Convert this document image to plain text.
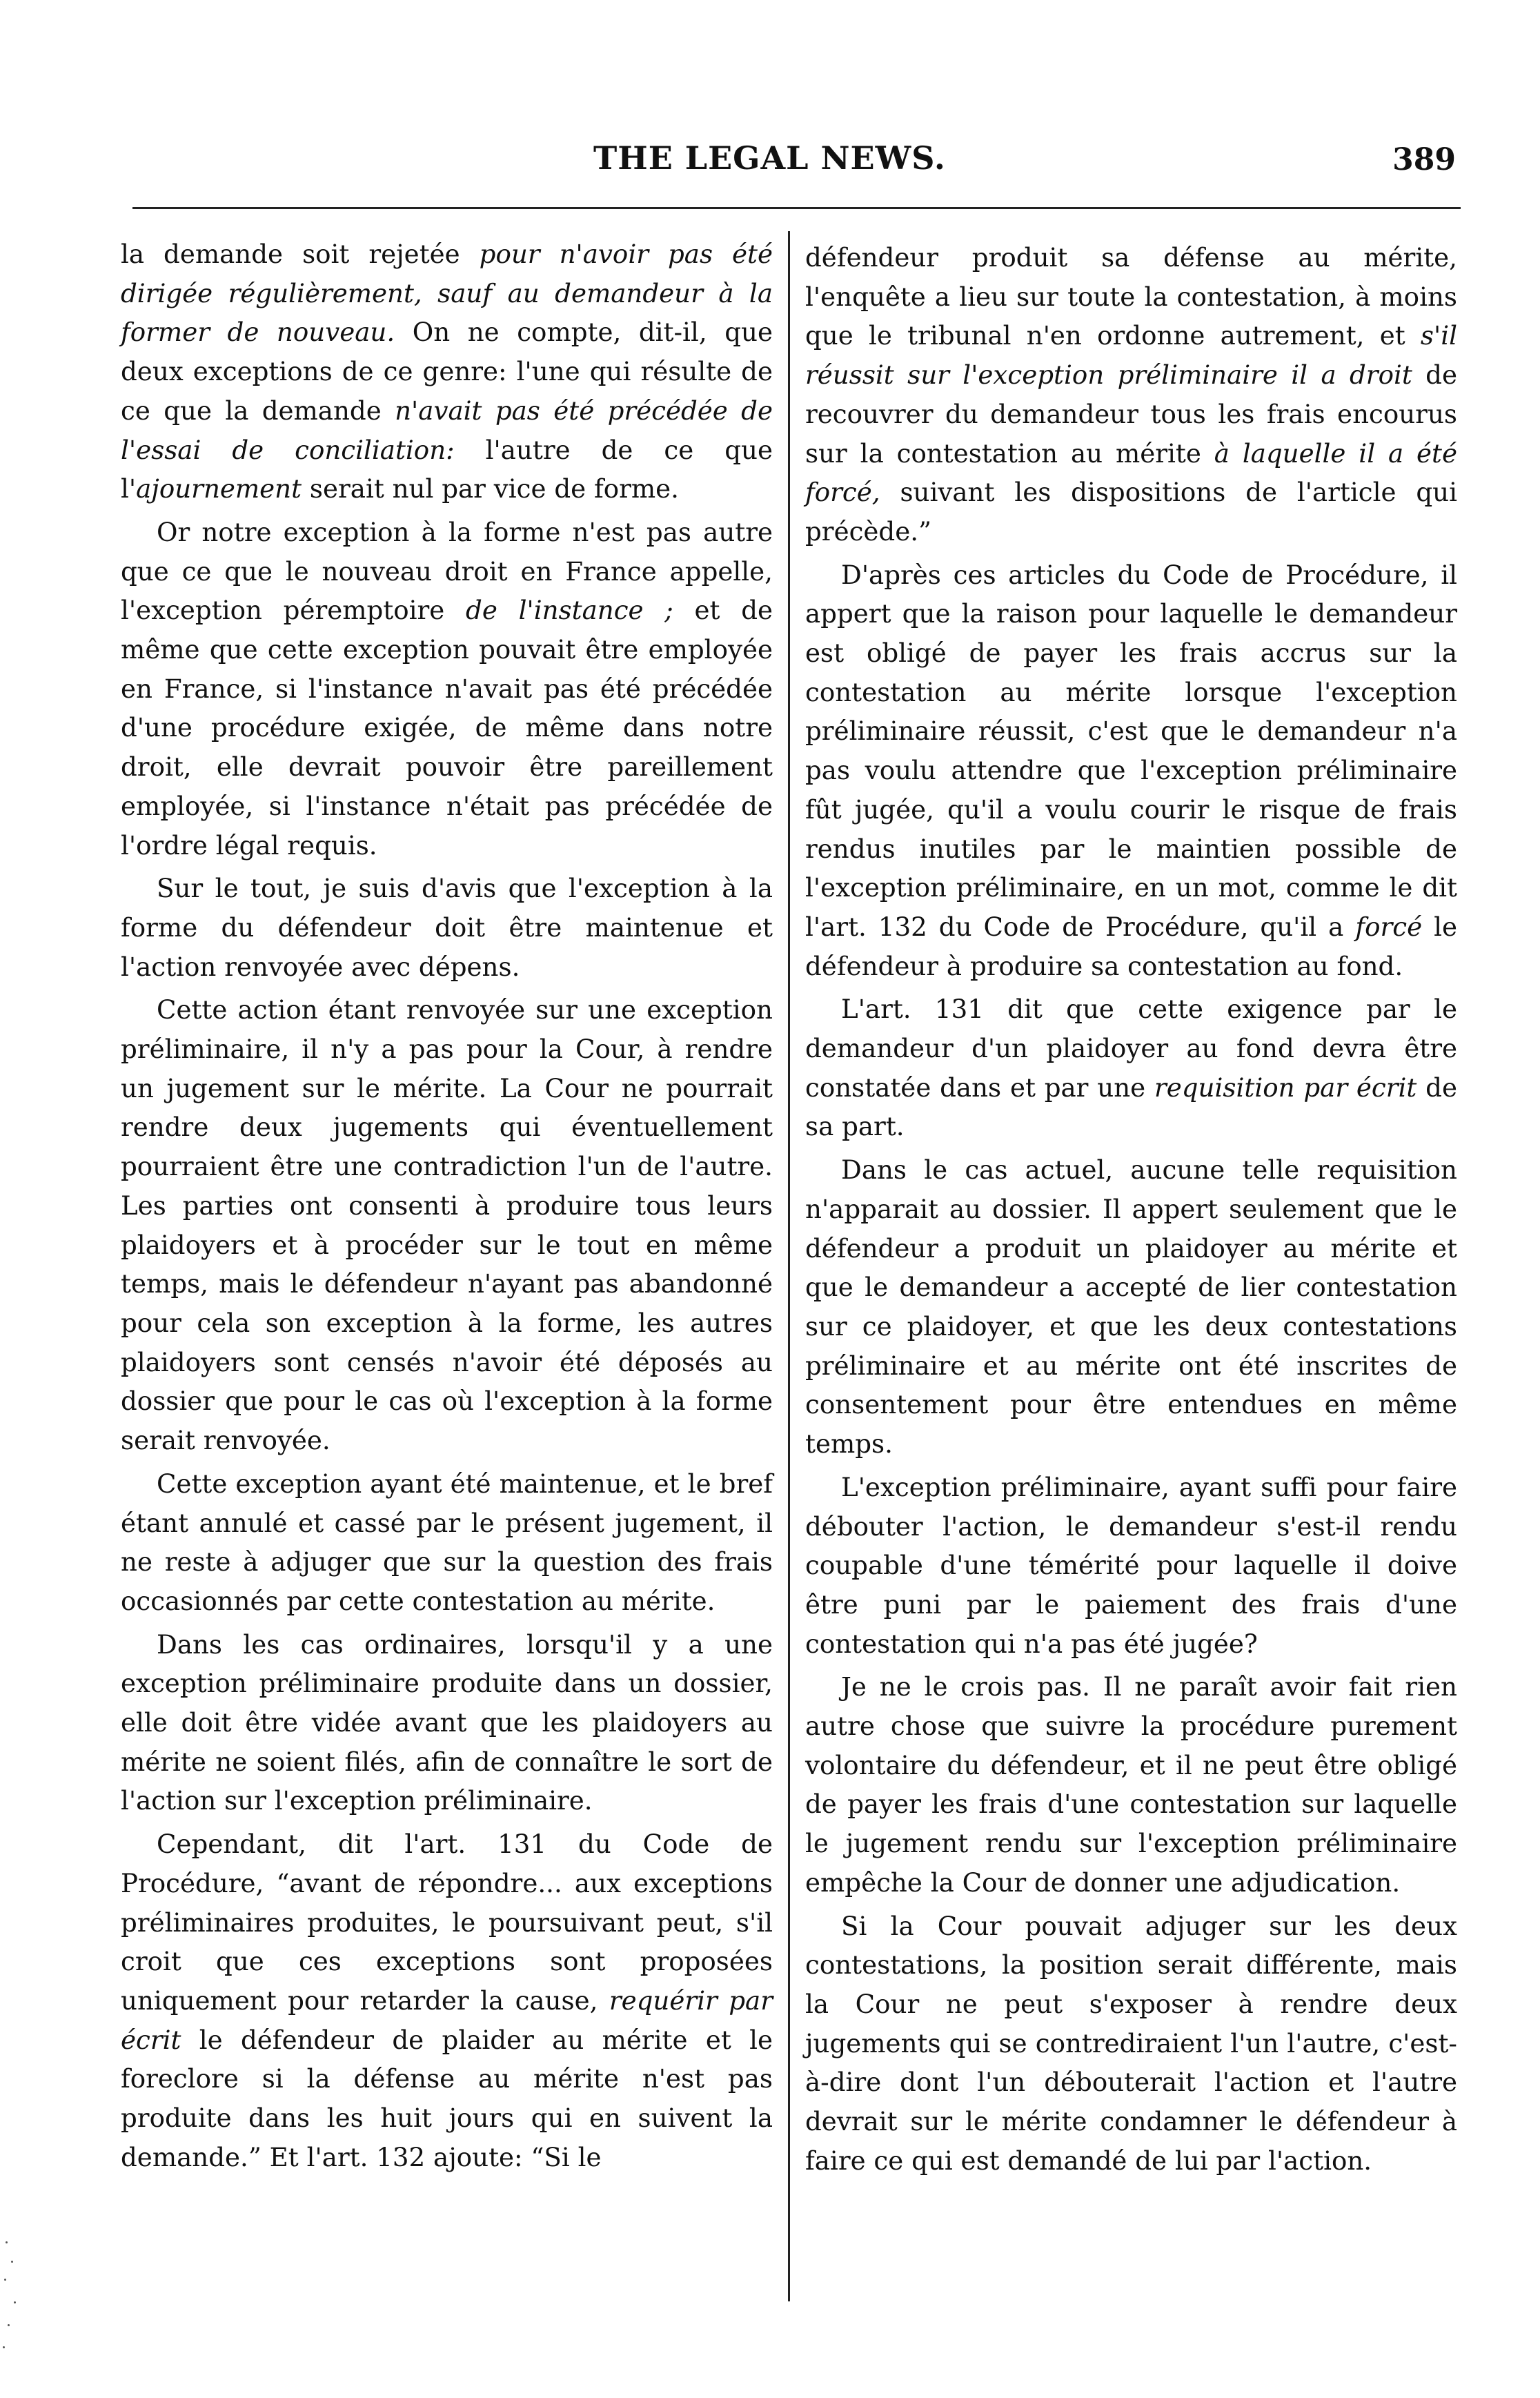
THE LEGAL NEWS.	389

la demande soit rejetée pour n'avoir pas été dirigée régulièrement, sauf au demandeur à la former de nouveau. On ne compte, dit-il, que deux exceptions de ce genre: l'une qui résulte de ce que la demande n'avait pas été précédée de l'essai de conciliation: l'autre de ce que l'ajournement serait nul par vice de forme.

Or notre exception à la forme n'est pas autre que ce que le nouveau droit en France appelle, l'exception péremptoire de l'instance ; et de même que cette exception pouvait être employée en France, si l'instance n'avait pas été précédée d'une procédure exigée, de même dans notre droit, elle devrait pouvoir être pareillement employée, si l'instance n'était pas précédée de l'ordre légal requis.

Sur le tout, je suis d'avis que l'exception à la forme du défendeur doit être maintenue et l'action renvoyée avec dépens.

Cette action étant renvoyée sur une exception préliminaire, il n'y a pas pour la Cour, à rendre un jugement sur le mérite. La Cour ne pourrait rendre deux jugements qui éventuellement pourraient être une contradiction l'un de l'autre. Les parties ont consenti à produire tous leurs plaidoyers et à procéder sur le tout en même temps, mais le défendeur n'ayant pas abandonné pour cela son exception à la forme, les autres plaidoyers sont censés n'avoir été déposés au dossier que pour le cas où l'exception à la forme serait renvoyée.

Cette exception ayant été maintenue, et le bref étant annulé et cassé par le présent jugement, il ne reste à adjuger que sur la question des frais occasionnés par cette contestation au mérite.

Dans les cas ordinaires, lorsqu'il y a une exception préliminaire produite dans un dossier, elle doit être vidée avant que les plaidoyers au mérite ne soient filés, afin de connaître le sort de l'action sur l'exception préliminaire.

Cependant, dit l'art. 131 du Code de Procédure, “avant de répondre... aux exceptions préliminaires produites, le poursuivant peut, s'il croit que ces exceptions sont proposées uniquement pour retarder la cause, requérir par écrit le défendeur de plaider au mérite et le foreclore si la défense au mérite n'est pas produite dans les huit jours qui en suivent la demande.” Et l'art. 132 ajoute: “Si le

défendeur produit sa défense au mérite, l'enquête a lieu sur toute la contestation, à moins que le tribunal n'en ordonne autrement, et s'il réussit sur l'exception préliminaire il a droit de recouvrer du demandeur tous les frais encourus sur la contestation au mérite à laquelle il a été forcé, suivant les dispositions de l'article qui précède.”

D'après ces articles du Code de Procédure, il appert que la raison pour laquelle le demandeur est obligé de payer les frais accrus sur la contestation au mérite lorsque l'exception préliminaire réussit, c'est que le demandeur n'a pas voulu attendre que l'exception préliminaire fût jugée, qu'il a voulu courir le risque de frais rendus inutiles par le maintien possible de l'exception préliminaire, en un mot, comme le dit l'art. 132 du Code de Procédure, qu'il a forcé le défendeur à produire sa contestation au fond.

L'art. 131 dit que cette exigence par le demandeur d'un plaidoyer au fond devra être constatée dans et par une requisition par écrit de sa part.

Dans le cas actuel, aucune telle requisition n'apparait au dossier. Il appert seulement que le défendeur a produit un plaidoyer au mérite et que le demandeur a accepté de lier contestation sur ce plaidoyer, et que les deux contestations préliminaire et au mérite ont été inscrites de consentement pour être entendues en même temps.

L'exception préliminaire, ayant suffi pour faire débouter l'action, le demandeur s'est-il rendu coupable d'une témérité pour laquelle il doive être puni par le paiement des frais d'une contestation qui n'a pas été jugée?

Je ne le crois pas. Il ne paraît avoir fait rien autre chose que suivre la procédure purement volontaire du défendeur, et il ne peut être obligé de payer les frais d'une contestation sur laquelle le jugement rendu sur l'exception préliminaire empêche la Cour de donner une adjudication.

Si la Cour pouvait adjuger sur les deux contestations, la position serait différente, mais la Cour ne peut s'exposer à rendre deux jugements qui se contrediraient l'un l'autre, c'est-à-dire dont l'un débouterait l'action et l'autre devrait sur le mérite condamner le défendeur à faire ce qui est demandé de lui par l'action.
